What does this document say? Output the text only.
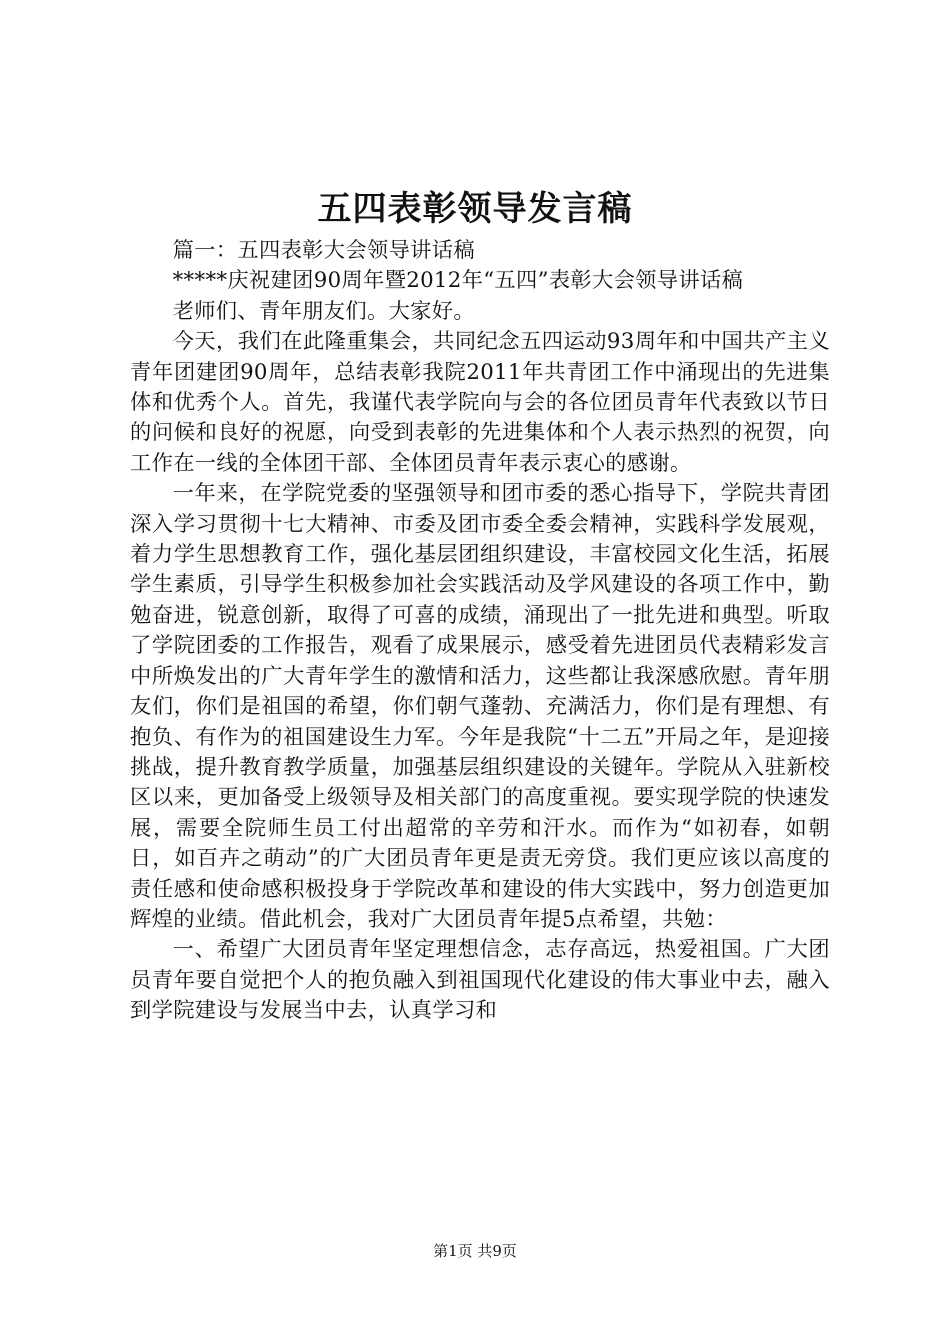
五四表彰领导发言稿

篇一：五四表彰大会领导讲话稿

*****庆祝建团90周年暨2012年“五四”表彰大会领导讲话稿

老师们、青年朋友们。大家好。

今天，我们在此隆重集会，共同纪念五四运动93周年和中国共产主义青年团建团90周年，总结表彰我院2011年共青团工作中涌现出的先进集体和优秀个人。首先，我谨代表学院向与会的各位团员青年代表致以节日的问候和良好的祝愿，向受到表彰的先进集体和个人表示热烈的祝贺，向工作在一线的全体团干部、全体团员青年表示衷心的感谢。

一年来，在学院党委的坚强领导和团市委的悉心指导下，学院共青团深入学习贯彻十七大精神、市委及团市委全委会精神，实践科学发展观，着力学生思想教育工作，强化基层团组织建设，丰富校园文化生活，拓展学生素质，引导学生积极参加社会实践活动及学风建设的各项工作中，勤勉奋进，锐意创新，取得了可喜的成绩，涌现出了一批先进和典型。听取了学院团委的工作报告，观看了成果展示，感受着先进团员代表精彩发言中所焕发出的广大青年学生的激情和活力，这些都让我深感欣慰。青年朋友们，你们是祖国的希望，你们朝气蓬勃、充满活力，你们是有理想、有抱负、有作为的祖国建设生力军。今年是我院“十二五”开局之年，是迎接挑战，提升教育教学质量，加强基层组织建设的关键年。学院从入驻新校区以来，更加备受上级领导及相关部门的高度重视。要实现学院的快速发展，需要全院师生员工付出超常的辛劳和汗水。而作为“如初春，如朝日，如百卉之萌动”的广大团员青年更是责无旁贷。我们更应该以高度的责任感和使命感积极投身于学院改革和建设的伟大实践中，努力创造更加辉煌的业绩。借此机会，我对广大团员青年提5点希望，共勉：

一、希望广大团员青年坚定理想信念，志存高远，热爱祖国。广大团员青年要自觉把个人的抱负融入到祖国现代化建设的伟大事业中去，融入到学院建设与发展当中去，认真学习和

第1页 共9页
